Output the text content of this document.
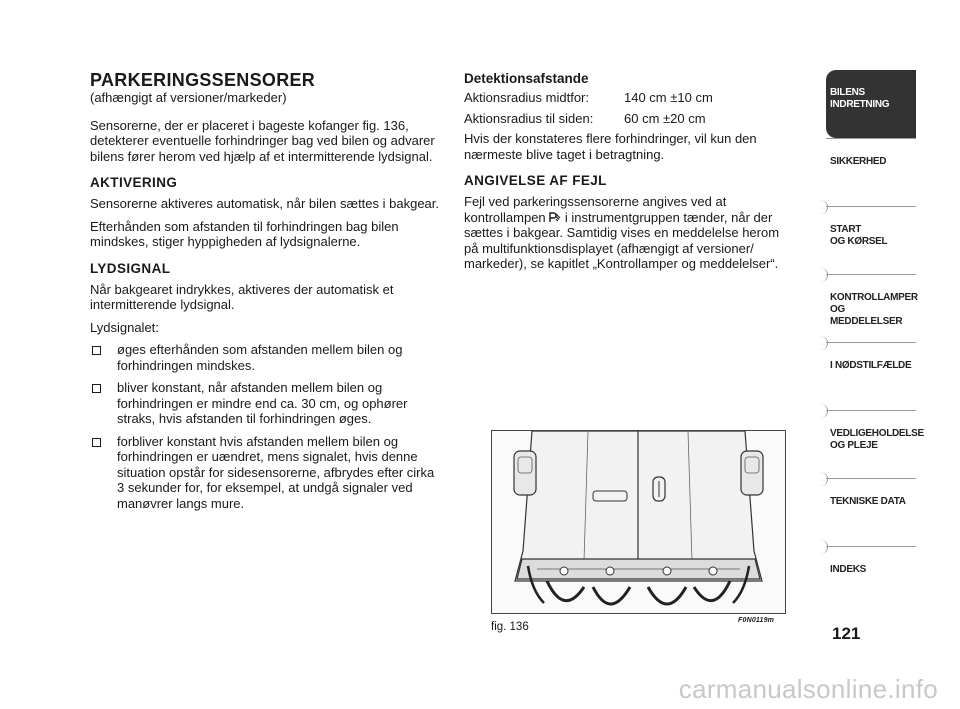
PARKERINGSSENSORER

(afhængigt af versioner/markeder)

Sensorerne, der er placeret i bageste kofanger fig. 136, detekterer eventuelle forhindringer bag ved bilen og advarer bilens fører herom ved hjælp af et intermitterende lydsignal.

AKTIVERING

Sensorerne aktiveres automatisk, når bilen sættes i bakgear.

Efterhånden som afstanden til forhindringen bag bilen mindskes, stiger hyppigheden af lydsignalerne.

LYDSIGNAL

Når bakgearet indrykkes, aktiveres der automatisk et intermitterende lydsignal.

Lydsignalet:

øges efterhånden som afstanden mellem bilen og forhindringen mindskes.
bliver konstant, når afstanden mellem bilen og forhindringen er mindre end ca. 30 cm, og ophører straks, hvis afstanden til forhindringen øges.
forbliver konstant hvis afstanden mellem bilen og forhindringen er uændret, mens signalet, hvis denne situation opstår for sidesensorerne, afbrydes efter cirka 3 sekunder for, for eksempel, at undgå signaler ved manøvrer langs mure.
Detektionsafstande
Aktionsradius midtfor:	140 cm ±10 cm
Aktionsradius til siden:	60 cm ±20 cm

Hvis der konstateres flere forhindringer, vil kun den nærmeste blive taget i betragtning.

ANGIVELSE AF FEJL

Fejl ved parkeringssensorerne angives ved at kontrollampen i instrumentgruppen tænder, når der sættes i bakgear. Samtidig vises en meddelelse herom på multifunktionsdisplayet (afhængigt af versioner/ markeder), se kapitlet „Kontrollamper og meddelelser“.

fig. 136
F0N0119m
BILENS
INDRETNING
SIKKERHED
START
OG KØRSEL
KONTROLLAMPER
OG MEDDELELSER
I NØDSTILFÆLDE
VEDLIGEHOLDELSE
OG PLEJE
TEKNISKE DATA
INDEKS
121
carmanualsonline.info
